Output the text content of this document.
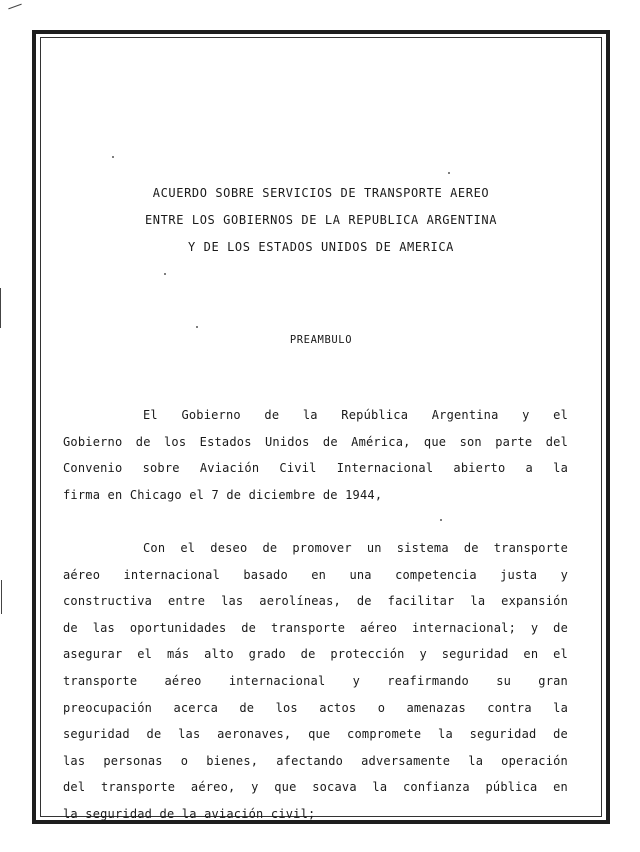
ACUERDO SOBRE SERVICIOS DE TRANSPORTE AEREO
ENTRE LOS GOBIERNOS DE LA REPUBLICA ARGENTINA
Y DE LOS ESTADOS UNIDOS DE AMERICA
PREAMBULO
El Gobierno de la República Argentina y el
Gobierno de los Estados Unidos de América, que son parte del
Convenio sobre Aviación Civil Internacional abierto a la
firma en Chicago el 7 de diciembre de 1944,
Con el deseo de promover un sistema de transporte
aéreo internacional basado en una competencia justa y
constructiva entre las aerolíneas, de facilitar la expansión
de las oportunidades de transporte aéreo internacional; y de
asegurar el más alto grado de protección y seguridad en el
transporte aéreo internacional y reafirmando su gran
preocupación acerca de los actos o amenazas contra la
seguridad de las aeronaves, que compromete la seguridad de
las personas o bienes, afectando adversamente la operación
del transporte aéreo, y que socava la confianza pública en
la seguridad de la aviación civil;
